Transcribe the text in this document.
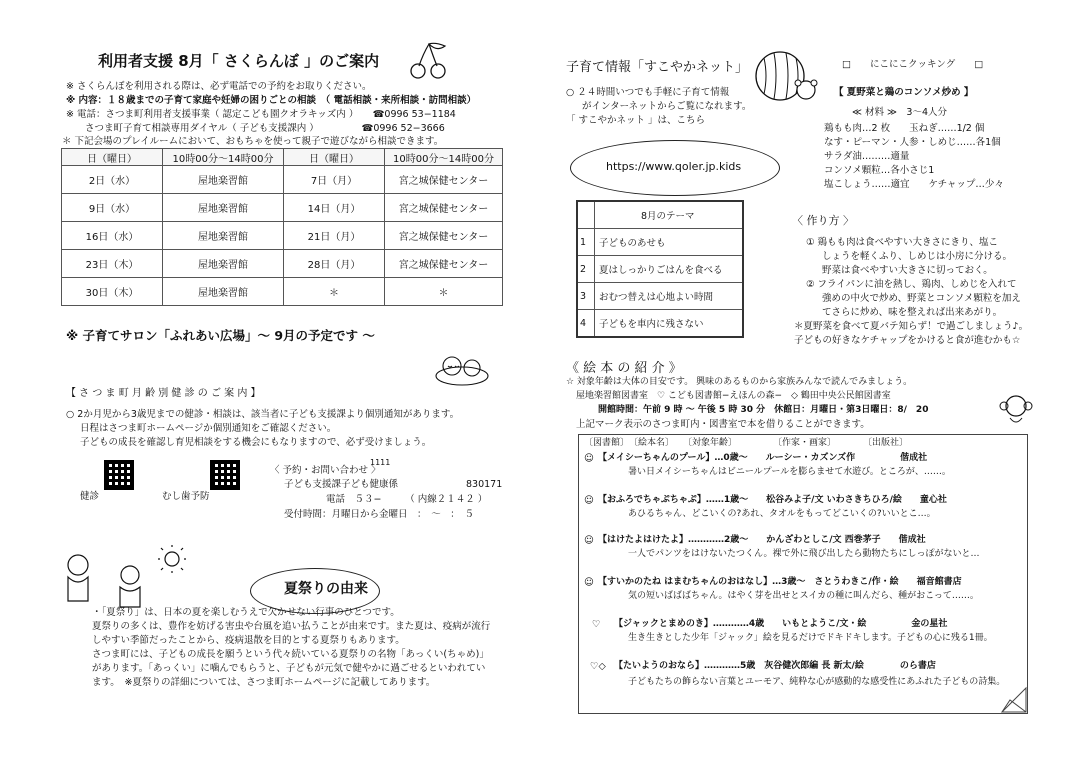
利用者支援 8月「 さくらんぼ 」のご案内
※ さくらんぼを利用される際は、必ず電話での予約をお取りください。
※ 内容：１８歳までの子育て家庭や妊婦の困りごとの相談　（ 電話相談・来所相談・訪問相談）
※ 電話：さつま町利用者支援事業（ 認定こども園クオラキッズ内 ）　　☎0996 53−1184
　　さつま町子育て相談専用ダイヤル（ 子ども支援課内 ）　　　　　☎0996 52−3666
＊ 下記会場のプレイルームにおいて、おもちゃを使って親子で遊びながら相談できます。
日（曜日）	10時00分〜14時00分	日（曜日）	10時00分〜14時00分
2日（水）	屋地楽習館	7日（月）	宮之城保健センター
9日（水）	屋地楽習館	14日（月）	宮之城保健センター
16日（水）	屋地楽習館	21日（月）	宮之城保健センター
23日（木）	屋地楽習館	28日（月）	宮之城保健センター
30日（木）	屋地楽習館	＊	＊
※ 子育てサロン「ふれあい広場」〜 9月の予定です 〜
【 さ つ ま 町 月 齢 別 健 診 の ご 案 内 】
○ 2か月児から3歳児までの健診・相談は、該当者に子ども支援課より個別通知があります。
日程はさつま町ホームページか個別通知をご確認ください。
子どもの成長を確認し育児相談をする機会にもなりますので、必ず受けましょう。
健診	むし歯予防
1111
〈 予約・お問い合わせ 〉
子ども支援課子ども健康係	830171
電話　５３−　　　（ 内線２１４２ ）
受付時間：月曜日から金曜日　：　〜　：　５
夏祭りの由来
・「夏祭り」は、日本の夏を楽しむうえで欠かせない行事のひとつです。
夏祭りの多くは、豊作を妨げる害虫や台風を追い払うことが由来です。また夏は、疫病が流行
しやすい季節だったことから、疫病退散を目的とする夏祭りもあります。
さつま町には、子どもの成長を願うという代々続いている夏祭りの名物「あっくい(ちゃめ)」
があります。「あっくい」に噛んでもらうと、子どもが元気で健やかに過ごせるといわれてい
ます。　※夏祭りの詳細については、さつま町ホームページに記載してあります。
子育て情報「すこやかネット」
○ ２４時間いつでも手軽に子育て情報
がインターネットからご覧になれます。
「 すこやかネット 」は、こちら
https://www.qoler.jp.kids
	8月のテーマ
1	子どものあせも
2	夏はしっかりごはんを食べる
3	おむつ替えは心地よい時間
4	子どもを車内に残さない
□　　にこにこクッキング　　□
【 夏野菜と鶏のコンソメ炒め 】
≪ 材料 ≫　3〜4人分
鶏もも肉…2 枚　　玉ねぎ……1/2 個
なす・ピーマン・人参・しめじ……各1個
サラダ油………適量
コンソメ顆粒…各小さじ1
塩こしょう……適宜　　ケチャップ…少々
〈 作り方 〉
① 鶏もも肉は食べやすい大きさにきり、塩こ
しょうを軽くふり、しめじは小房に分ける。
野菜は食べやすい大きさに切っておく。
② フライパンに油を熱し、鶏肉、しめじを入れて
強めの中火で炒め、野菜とコンソメ顆粒を加え
てさらに炒め、味を整えれば出来あがり。
＊夏野菜を食べて夏バテ知らず！で過ごしましょう♪。
子どもの好きなケチャップをかけると食が進むかも☆
《 絵 本 の 紹 介 》
☆ 対象年齢は大体の目安です。 興味のあるものから家族みんなで読んでみましょう。
屋地楽習館図書室　♡ こども図書館−えほんの森−　◇ 鶴田中央公民館図書室
開館時間：午前 9 時 〜 午後 5 時 30 分　休館日：月曜日・第3日曜日：8/　20
上記マーク表示のさつま町内・図書室で本を借りることができます。
〔図書館〕　〔絵本名〕　　〔対象年齢〕　　　　　〔作家・画家〕　　　　〔出版社〕
☺ 【メイシーちゃんのプール】…0歳〜　　ルーシー・カズンズ作　　　　　偕成社
暑い日メイシーちゃんはビニールプールを膨らませて水遊び。ところが、……。
☺ 【おふろでちゃぷちゃぷ】……1歳〜　　松谷みよ子/文 いわさきちひろ/絵　　童心社
あひるちゃん、どこいくの?あれ、タオルをもってどこいくの?いいとこ…。
☺ 【はけたよはけたよ】…………2歳〜　　かんざわとしこ/文 西巻茅子　　偕成社
一人でパンツをはけないたつくん。裸で外に飛び出したら動物たちにしっぽがないと…
☺ 【すいかのたね はまむちゃんのおはなし】…3歳〜　さとうわきこ/作・絵　　福音館書店
気の短いばばばちゃん。はやく芽を出せとスイカの種に叫んだら、種がおこって……。
♡ 【ジャックとまめのき】…………4歳　　いもとようこ/文・絵　　　　　金の星社
生き生きとした少年「ジャック」絵を見るだけでドキドキします。子どもの心に残る1冊。
♡◇ 【たいようのおなら】…………5歳　灰谷健次郎編 長 新太/絵　　　　のら書店
子どもたちの飾らない言葉とユーモア、純粋な心が感動的な感受性にあふれた子どもの詩集。
